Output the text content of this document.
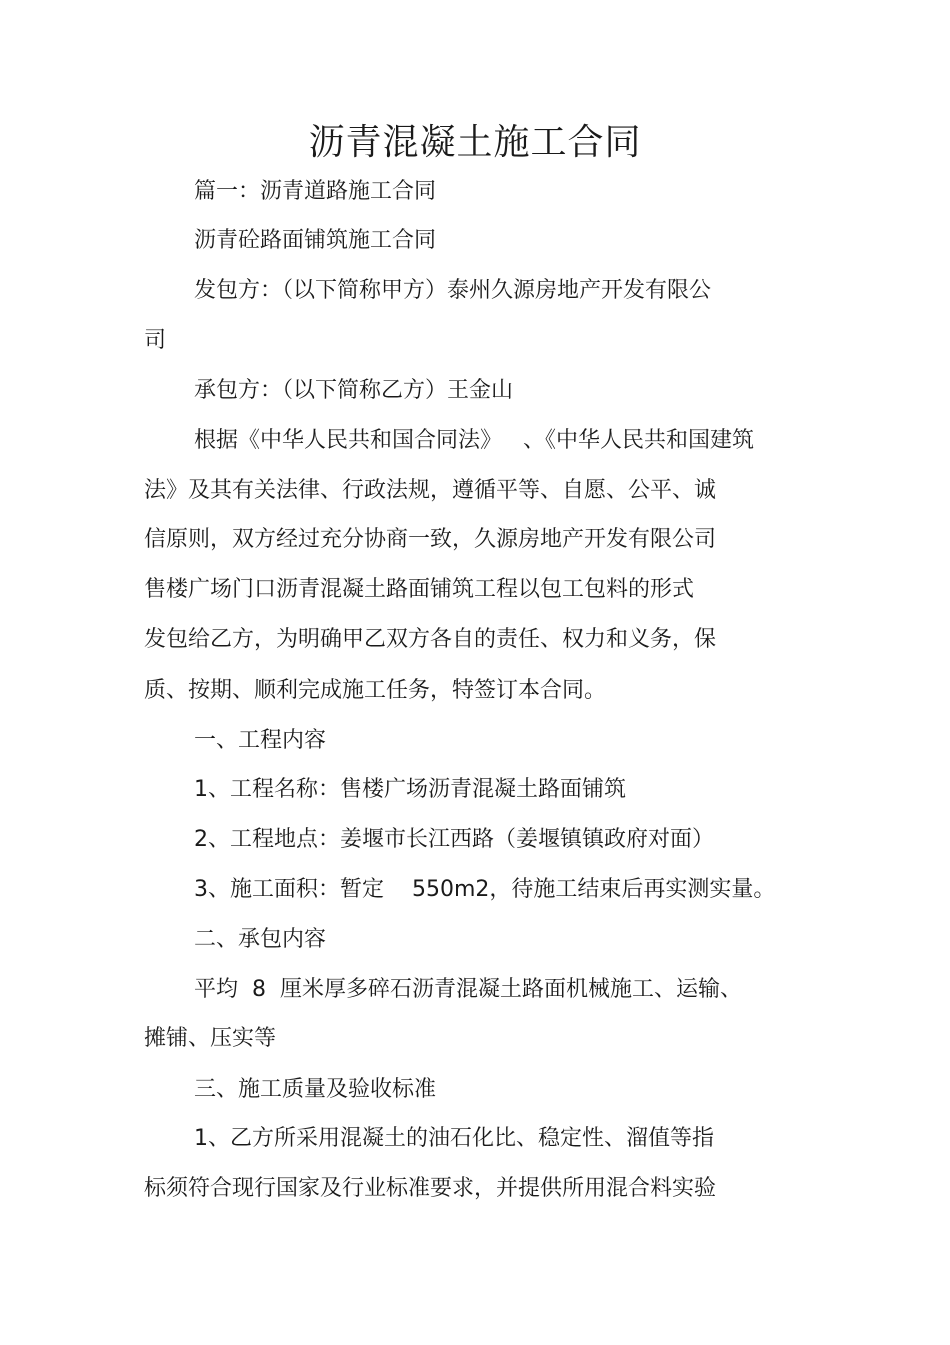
沥青混凝土施工合同

篇一：沥青道路施工合同

沥青砼路面铺筑施工合同

发包方：（以下简称甲方）泰州久源房地产开发有限公

司

承包方：（以下简称乙方）王金山

根据《中华人民共和国合同法》   、《中华人民共和国建筑

法》及其有关法律、行政法规，遵循平等、自愿、公平、诚

信原则，双方经过充分协商一致，久源房地产开发有限公司

售楼广场门口沥青混凝土路面铺筑工程以包工包料的形式

发包给乙方，为明确甲乙双方各自的责任、权力和义务，保

质、按期、顺利完成施工任务，特签订本合同。

一、工程内容

1、工程名称：售楼广场沥青混凝土路面铺筑

2、工程地点：姜堰市长江西路（姜堰镇镇政府对面）

3、施工面积：暂定    550m2，待施工结束后再实测实量。

二、承包内容

平均  8  厘米厚多碎石沥青混凝土路面机械施工、运输、

摊铺、压实等

三、施工质量及验收标准

1、乙方所采用混凝土的油石化比、稳定性、溜值等指

标须符合现行国家及行业标准要求，并提供所用混合料实验
